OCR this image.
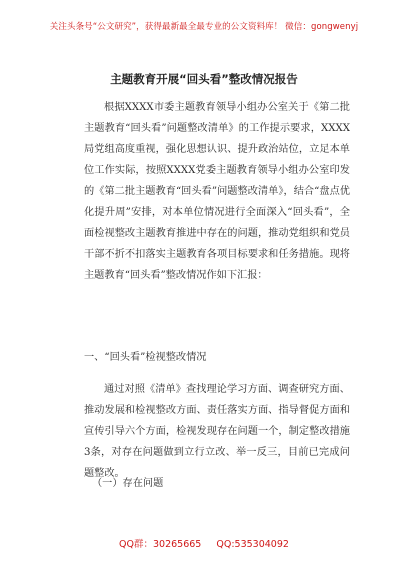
关注头条号“公文研究”，获得最新最全最专业的公文资料库！ 微信：gongwenyj
主题教育开展“回头看”整改情况报告

根据XXXX市委主题教育领导小组办公室关于《第二批主题教育“回头看”问题整改清单》的工作提示要求，XXXX局党组高度重视，强化思想认识、提升政治站位，立足本单位工作实际，按照XXXX党委主题教育领导小组办公室印发的《第二批主题教育“回头看”问题整改清单》，结合“盘点优化提升周”安排，对本单位情况进行全面深入“回头看”，全面检视整改主题教育推进中存在的问题，推动党组织和党员干部不折不扣落实主题教育各项目标要求和任务措施。现将主题教育“回头看”整改情况作如下汇报：

一、“回头看”检视整改情况

通过对照《清单》查找理论学习方面、调查研究方面、推动发展和检视整改方面、责任落实方面、指导督促方面和宣传引导六个方面，检视发现存在问题一个，制定整改措施3条，对存在问题做到立行立改、举一反三，目前已完成问题整改。

（一）存在问题
QQ群：30265665 QQ:535304092
